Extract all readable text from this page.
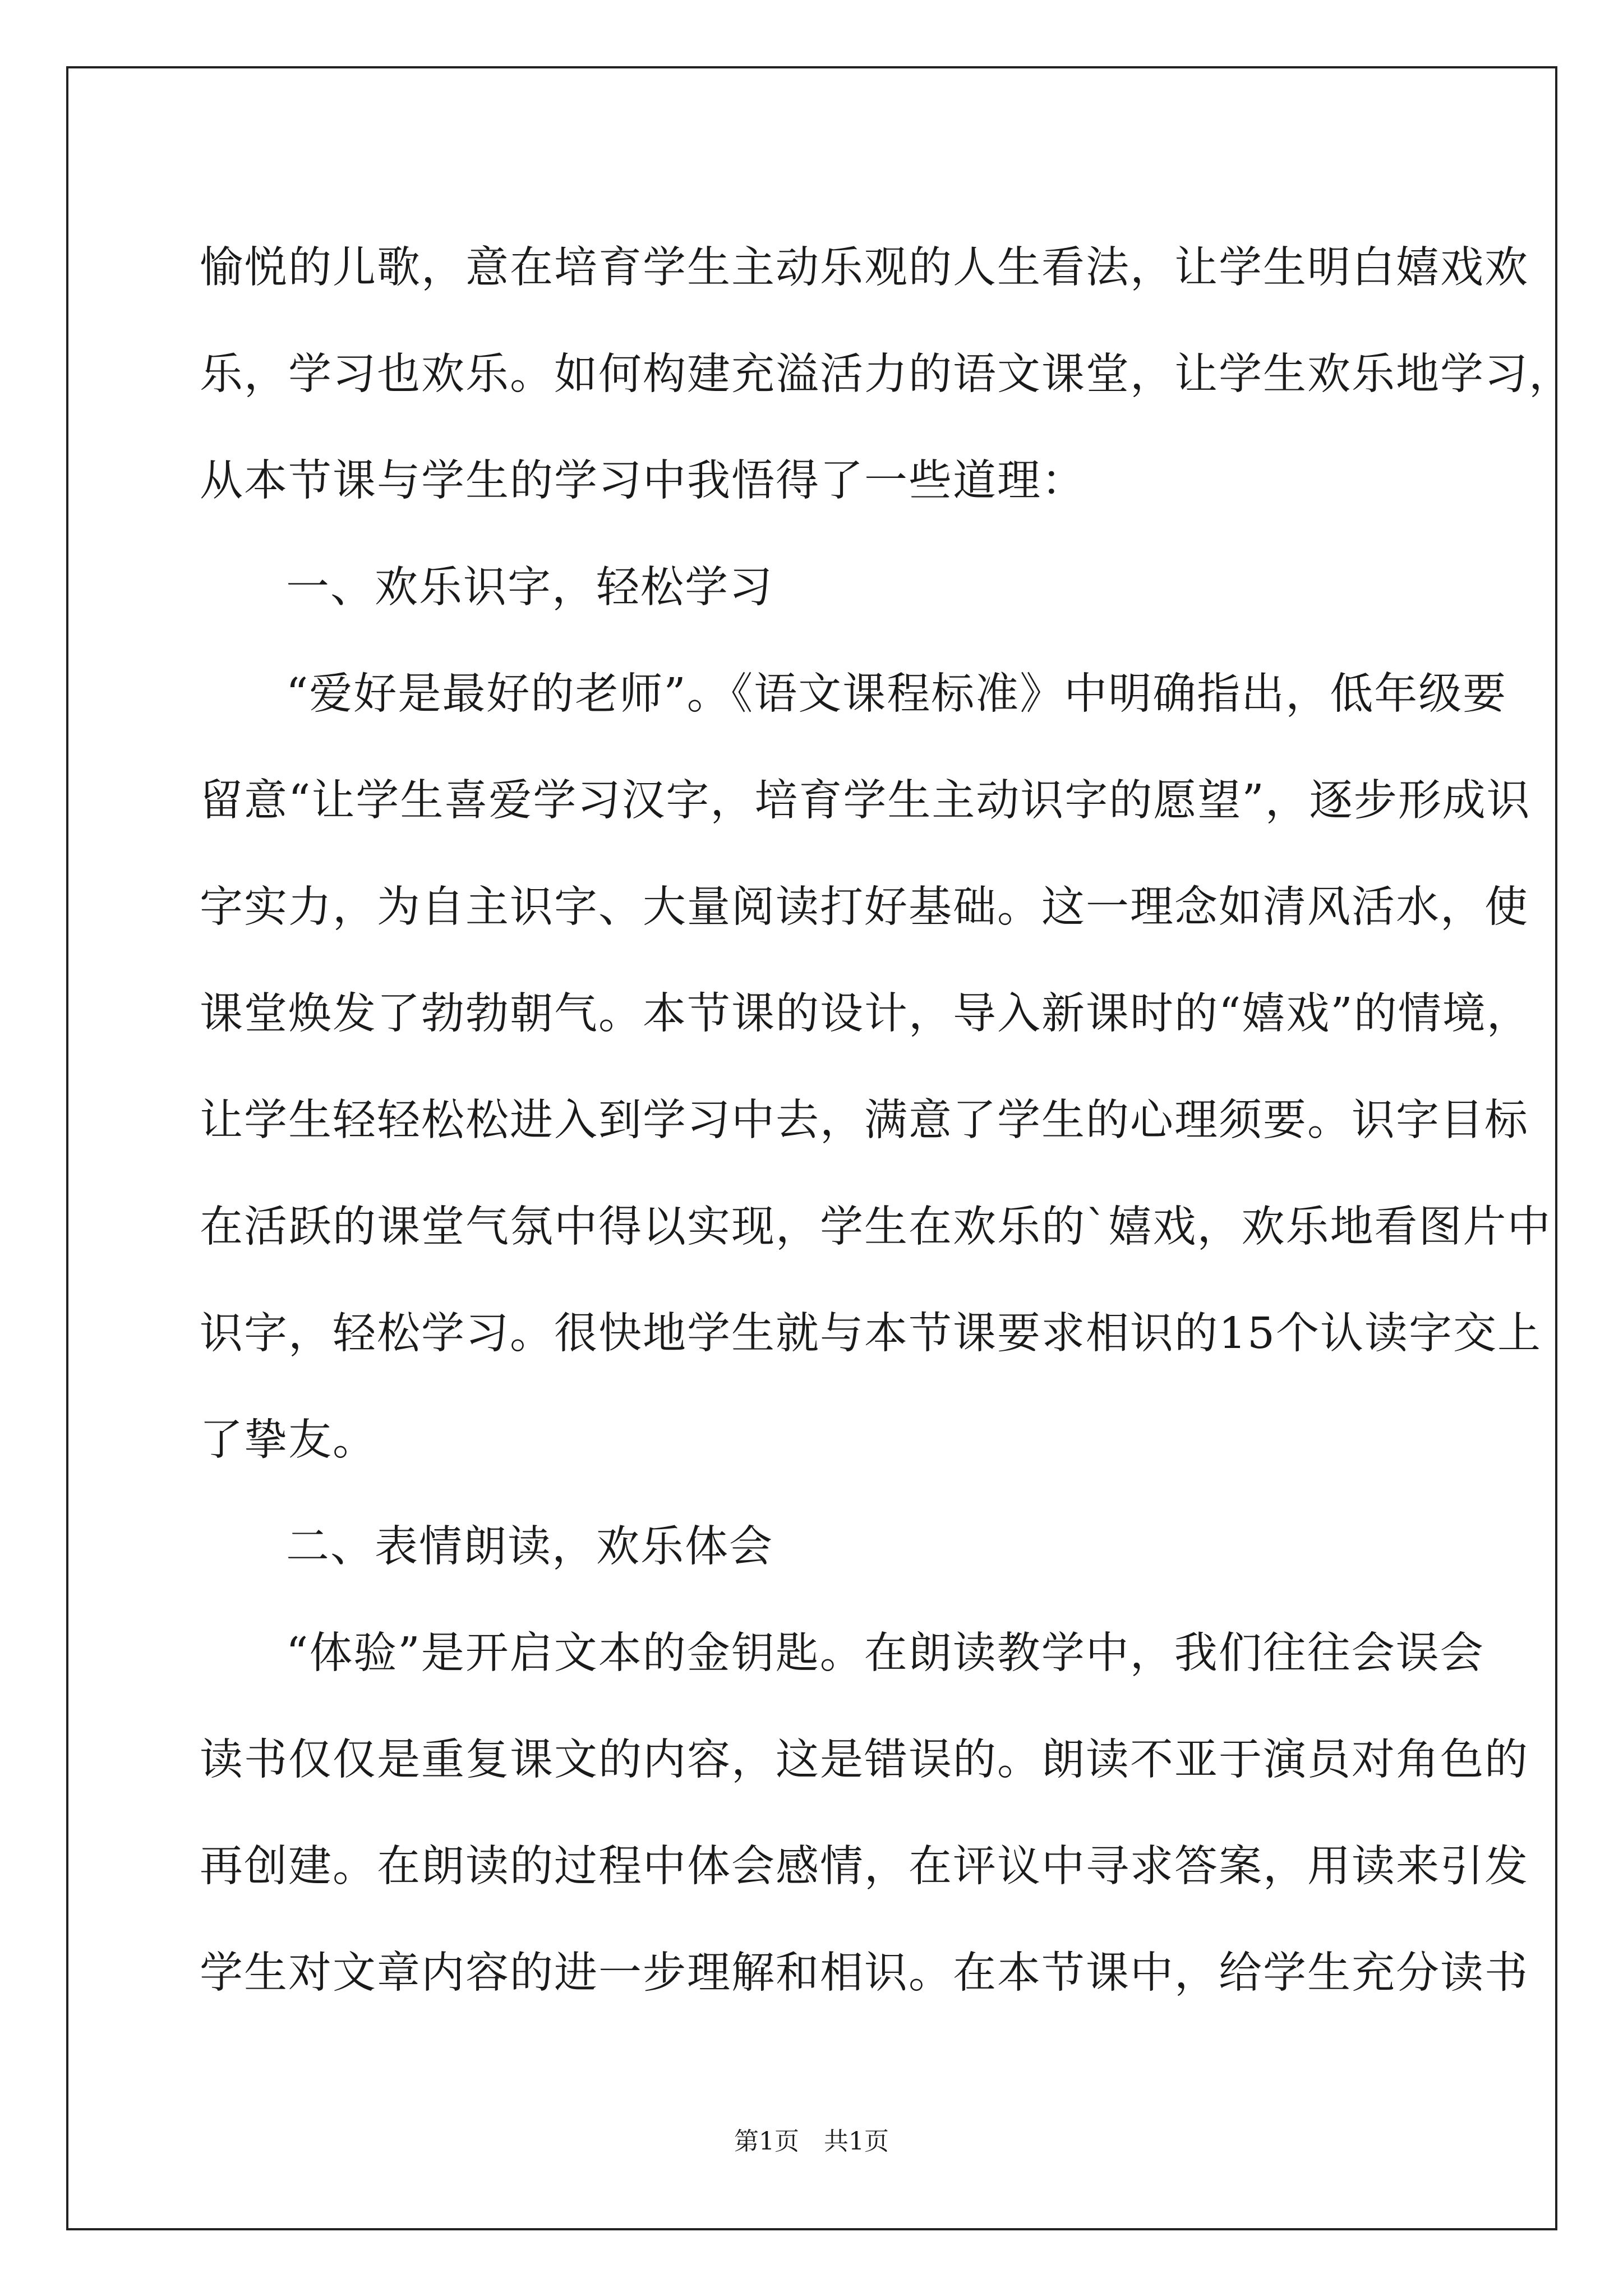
愉悦的儿歌，意在培育学生主动乐观的人生看法，让学生明白嬉戏欢

乐，学习也欢乐。如何构建充溢活力的语文课堂，让学生欢乐地学习，

从本节课与学生的学习中我悟得了一些道理：

一、欢乐识字，轻松学习

“爱好是最好的老师”。《语文课程标准》中明确指出，低年级要

留意“让学生喜爱学习汉字，培育学生主动识字的愿望”，逐步形成识

字实力，为自主识字、大量阅读打好基础。这一理念如清风活水，使

课堂焕发了勃勃朝气。本节课的设计，导入新课时的“嬉戏”的情境，

让学生轻轻松松进入到学习中去，满意了学生的心理须要。识字目标

在活跃的课堂气氛中得以实现，学生在欢乐的`嬉戏，欢乐地看图片中

识字，轻松学习。很快地学生就与本节课要求相识的15个认读字交上

了挚友。

二、表情朗读，欢乐体会

“体验”是开启文本的金钥匙。在朗读教学中，我们往往会误会

读书仅仅是重复课文的内容，这是错误的。朗读不亚于演员对角色的

再创建。在朗读的过程中体会感情，在评议中寻求答案，用读来引发

学生对文章内容的进一步理解和相识。在本节课中，给学生充分读书

第1页 共1页
